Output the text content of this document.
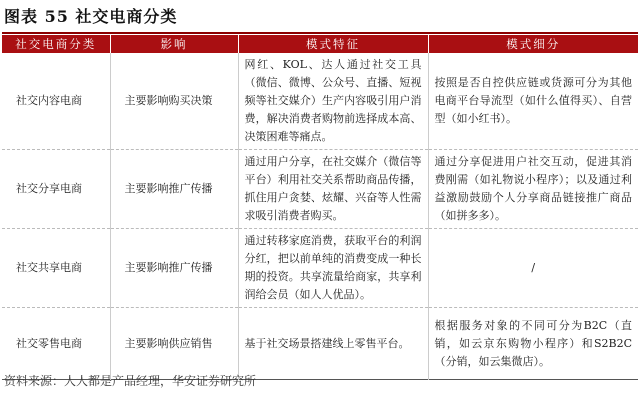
图表 55 社交电商分类
社交电商分类	影响	模式特征	模式细分
社交内容电商	主要影响购买决策	网红、KOL、达人通过社交工具（微信、微博、公众号、直播、短视频等社交媒介）生产内容吸引用户消费，解决消费者购物前选择成本高、决策困难等痛点。	按照是否自控供应链或货源可分为其他电商平台导流型（如什么值得买）、自营型（如小红书）。
社交分享电商	主要影响推广传播	通过用户分享，在社交媒介（微信等平台）利用社交关系帮助商品传播，抓住用户贪婪、炫耀、兴奋等人性需求吸引消费者购买。	通过分享促进用户社交互动，促进其消费刚需（如礼物说小程序）；以及通过利益激励鼓励个人分享商品链接推广商品（如拼多多）。
社交共享电商	主要影响推广传播	通过转移家庭消费，获取平台的利润分红，把以前单纯的消费变成一种长期的投资。共享流量给商家，共享利润给会员（如人人优品）。	/
社交零售电商	主要影响供应销售	基于社交场景搭建线上零售平台。	根据服务对象的不同可分为B2C（直销，如云京东购物小程序）和S2B2C（分销，如云集微店）。
资料来源：人人都是产品经理，华安证券研究所
